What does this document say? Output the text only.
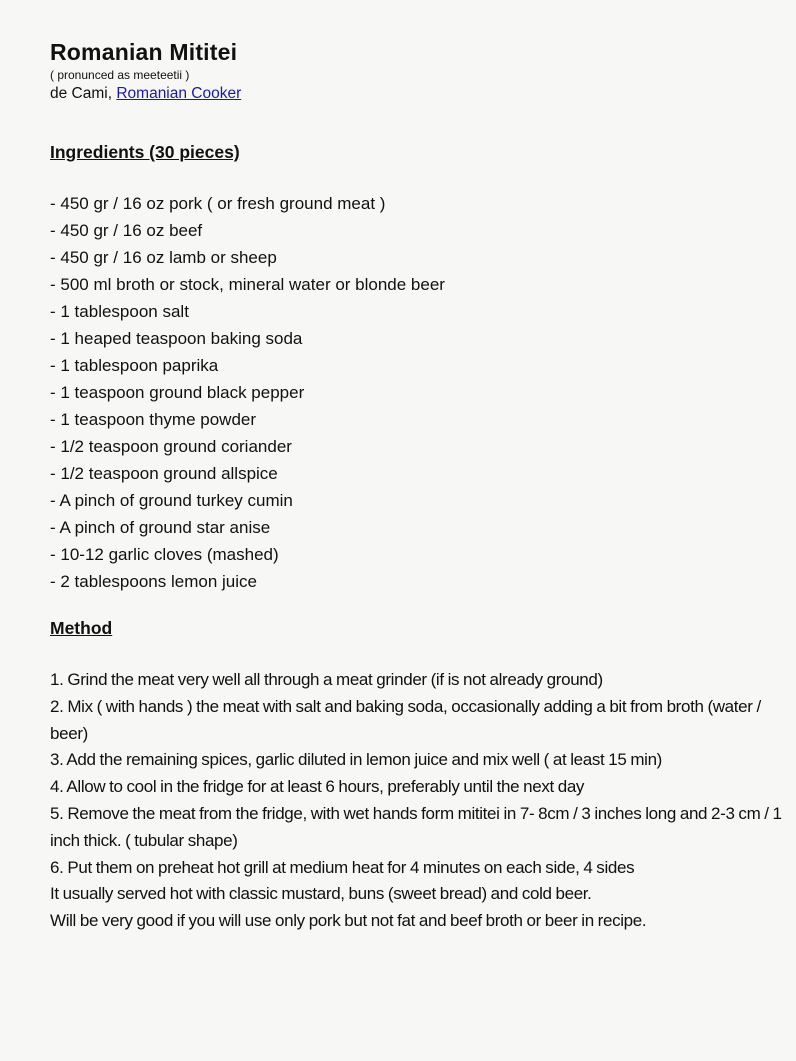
Romanian Mititei

( pronunced as meeteetii )

de Cami, Romanian Cooker

Ingredients (30 pieces)
- 450 gr / 16 oz pork ( or fresh ground meat )
- 450 gr / 16 oz beef
- 450 gr / 16 oz lamb or sheep
- 500 ml broth or stock, mineral water or blonde beer
- 1 tablespoon salt
- 1 heaped teaspoon baking soda
- 1 tablespoon paprika
- 1 teaspoon ground black pepper
- 1 teaspoon thyme powder
- 1/2 teaspoon ground coriander
- 1/2 teaspoon ground allspice
- A pinch of ground turkey cumin
- A pinch of ground star anise
- 10-12 garlic cloves (mashed)
- 2 tablespoons lemon juice
Method

1. Grind the meat very well all through a meat grinder (if is not already ground)

2. Mix ( with hands ) the meat with salt and baking soda, occasionally adding a bit from broth (water / beer)

3. Add the remaining spices, garlic diluted in lemon juice and mix well ( at least 15 min)

4. Allow to cool in the fridge for at least 6 hours, preferably until the next day

5. Remove the meat from the fridge, with wet hands form mititei in 7- 8cm / 3 inches long and 2-3 cm / 1 inch thick. ( tubular shape)

6. Put them on preheat hot grill at medium heat for 4 minutes on each side, 4 sides

It usually served hot with classic mustard, buns (sweet bread) and cold beer.

Will be very good if you will use only pork but not fat and beef broth or beer in recipe.
